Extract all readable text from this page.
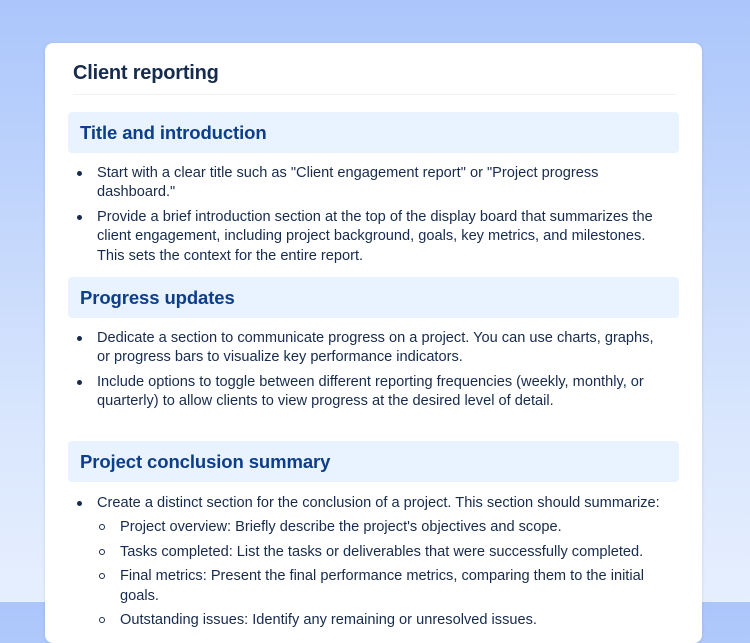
Client reporting
Title and introduction
Start with a clear title such as "Client engagement report" or "Project progress dashboard."
Provide a brief introduction section at the top of the display board that summarizes the client engagement, including project background, goals, key metrics, and milestones. This sets the context for the entire report.
Progress updates
Dedicate a section to communicate progress on a project. You can use charts, graphs, or progress bars to visualize key performance indicators.
Include options to toggle between different reporting frequencies (weekly, monthly, or quarterly) to allow clients to view progress at the desired level of detail.
Project conclusion summary
Create a distinct section for the conclusion of a project. This section should summarize:
Project overview: Briefly describe the project's objectives and scope.
Tasks completed: List the tasks or deliverables that were successfully completed.
Final metrics: Present the final performance metrics, comparing them to the initial goals.
Outstanding issues: Identify any remaining or unresolved issues.
